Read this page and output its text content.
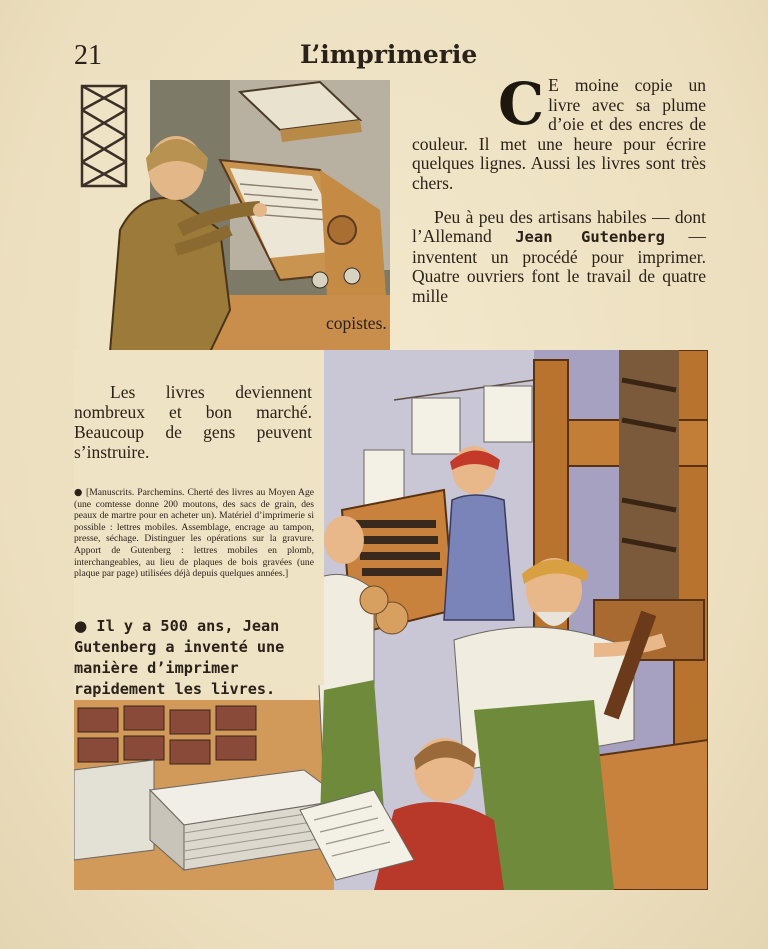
21	L’imprimerie

C E moine copie un livre avec sa plume d’oie et des encres de couleur. Il met une heure pour écrire quelques lignes. Aussi les livres sont très chers.

Peu à peu des artisans habiles — dont l’Allemand Jean Gutenberg — inventent un procédé pour imprimer. Quatre ouvriers font le travail de quatre mille

copistes.

Les livres deviennent nombreux et bon marché. Beaucoup de gens peuvent s’instruire.

● [Manuscrits. Parchemins. Cherté des livres au Moyen Age (une comtesse donne 200 moutons, des sacs de grain, des peaux de martre pour en acheter un). Matériel d’imprimerie si possible : lettres mobiles. Assemblage, encrage au tampon, presse, séchage. Distinguer les opérations sur la gravure. Apport de Gutenberg : lettres mobiles en plomb, interchangeables, au lieu de plaques de bois gravées (une plaque par page) utilisées déjà depuis quelques années.]

● Il y a 500 ans, Jean Gutenberg a inventé une manière d’imprimer rapidement les livres.
